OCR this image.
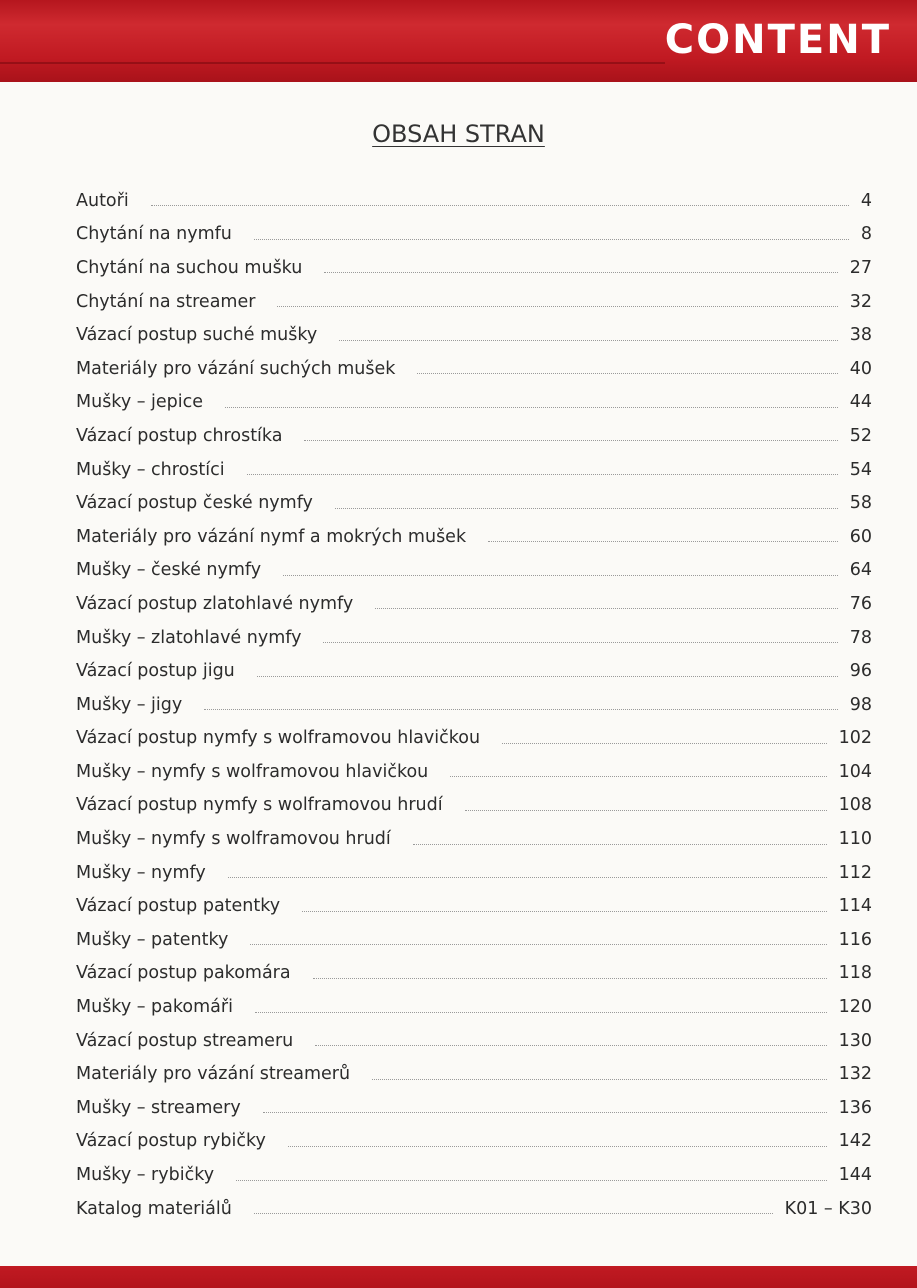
CONTENT
OBSAH STRAN
Autoři	4
Chytání na nymfu	8
Chytání na suchou mušku	27
Chytání na streamer	32
Vázací postup suché mušky	38
Materiály pro vázání suchých mušek	40
Mušky – jepice	44
Vázací postup chrostíka	52
Mušky – chrostíci	54
Vázací postup české nymfy	58
Materiály pro vázání nymf a mokrých mušek	60
Mušky – české nymfy	64
Vázací postup zlatohlavé nymfy	76
Mušky – zlatohlavé nymfy	78
Vázací postup jigu	96
Mušky – jigy	98
Vázací postup nymfy s wolframovou hlavičkou	102
Mušky – nymfy s wolframovou hlavičkou	104
Vázací postup nymfy s wolframovou hrudí	108
Mušky – nymfy s wolframovou hrudí	110
Mušky – nymfy	112
Vázací postup patentky	114
Mušky – patentky	116
Vázací postup pakomára	118
Mušky – pakomáři	120
Vázací postup streameru	130
Materiály pro vázání streamerů	132
Mušky – streamery	136
Vázací postup rybičky	142
Mušky – rybičky	144
Katalog materiálů	K01 – K30
